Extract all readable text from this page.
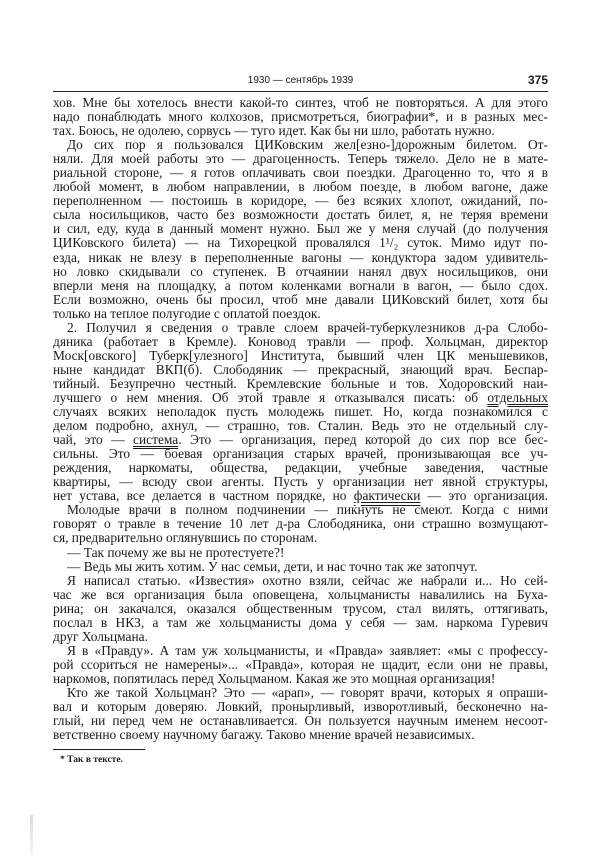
1930 — сентябрь 1939	375
хов. Мне бы хотелось внести какой-то синтез, чтоб не повторяться. А для этого
надо понаблюдать много колхозов, присмотреться, биографии*, и в разных мес-
тах. Боюсь, не одолею, сорвусь — туго идет. Как бы ни шло, работать нужно.
До сих пор я пользовался ЦИКовским жел[езно-]дорожным билетом. От-
няли. Для моей работы это — драгоценность. Теперь тяжело. Дело не в мате-
риальной стороне, — я готов оплачивать свои поездки. Драгоценно то, что я в
любой момент, в любом направлении, в любом поезде, в любом вагоне, даже
переполненном — постоишь в коридоре, — без всяких хлопот, ожиданий, по-
сыла носильщиков, часто без возможности достать билет, я, не теряя времени
и сил, еду, куда в данный момент нужно. Был же у меня случай (до получения
ЦИКовского билета) — на Тихорецкой провалялся 1¹/₂ суток. Мимо идут по-
езда, никак не влезу в переполненные вагоны — кондуктора задом удивитель-
но ловко скидывали со ступенек. В отчаянии нанял двух носильщиков, они
вперли меня на площадку, а потом коленками вогнали в вагон, — было сдох.
Если возможно, очень бы просил, чтоб мне давали ЦИКовский билет, хотя бы
только на теплое полугодие с оплатой поездок.
2. Получил я сведения о травле слоем врачей-туберкулезников д-ра Слобо-
дяника (работает в Кремле). Коновод травли — проф. Хольцман, директор
Моск[овского] Туберк[улезного] Института, бывший член ЦК меньшевиков,
ныне кандидат ВКП(б). Слободяник — прекрасный, знающий врач. Беспар-
тийный. Безупречно честный. Кремлевские больные и тов. Ходоровский наи-
лучшего о нем мнения. Об этой травле я отказывался писать: об отдельных
случаях всяких неполадок пусть молодежь пишет. Но, когда познакомился с
делом подробно, ахнул, — страшно, тов. Сталин. Ведь это не отдельный слу-
чай, это — система. Это — организация, перед которой до сих пор все бес-
сильны. Это — боевая организация старых врачей, пронизывающая все уч-
реждения, наркоматы, общества, редакции, учебные заведения, частные
квартиры, — всюду свои агенты. Пусть у организации нет явной структуры,
нет устава, все делается в частном порядке, но фактически — это организация.
Молодые врачи в полном подчинении — пикнуть не смеют. Когда с ними
говорят о травле в течение 10 лет д-ра Слободяника, они страшно возмущают-
ся, предварительно оглянувшись по сторонам.
— Так почему же вы не протестуете?!
— Ведь мы жить хотим. У нас семьи, дети, и нас точно так же затопчут.
Я написал статью. «Известия» охотно взяли, сейчас же набрали и... Но сей-
час же вся организация была оповещена, хольцманисты навалились на Буха-
рина; он закачался, оказался общественным трусом, стал вилять, оттягивать,
послал в НКЗ, а там же хольцманисты дома у себя — зам. наркома Гуревич
друг Хольцмана.
Я в «Правду». А там уж хольцманисты, и «Правда» заявляет: «мы с профессу-
рой ссориться не намерены»... «Правда», которая не щадит, если они не правы,
наркомов, попятилась перед Хольцманом. Какая же это мощная организация!
Кто же такой Хольцман? Это — «арап», — говорят врачи, которых я опраши-
вал и которым доверяю. Ловкий, пронырливый, изворотливый, бесконечно на-
глый, ни перед чем не останавливается. Он пользуется научным именем несоот-
ветственно своему научному багажу. Таково мнение врачей независимых.
* Так в тексте.
